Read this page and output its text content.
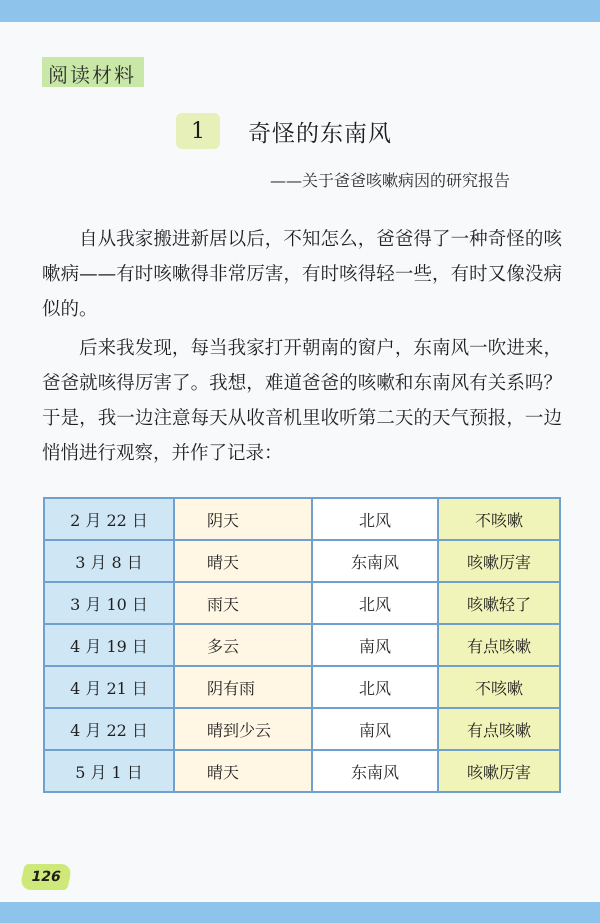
阅读材料
1	奇怪的东南风
——关于爸爸咳嗽病因的研究报告

自从我家搬进新居以后，不知怎么，爸爸得了一种奇怪的咳嗽病——有时咳嗽得非常厉害，有时咳得轻一些，有时又像没病似的。

后来我发现，每当我家打开朝南的窗户，东南风一吹进来，爸爸就咳得厉害了。我想，难道爸爸的咳嗽和东南风有关系吗？于是，我一边注意每天从收音机里收听第二天的天气预报，一边悄悄进行观察，并作了记录：

2 月 22 日	阴天	北风	不咳嗽
3 月 8 日	晴天	东南风	咳嗽厉害
3 月 10 日	雨天	北风	咳嗽轻了
4 月 19 日	多云	南风	有点咳嗽
4 月 21 日	阴有雨	北风	不咳嗽
4 月 22 日	晴到少云	南风	有点咳嗽
5 月 1 日	晴天	东南风	咳嗽厉害
126
